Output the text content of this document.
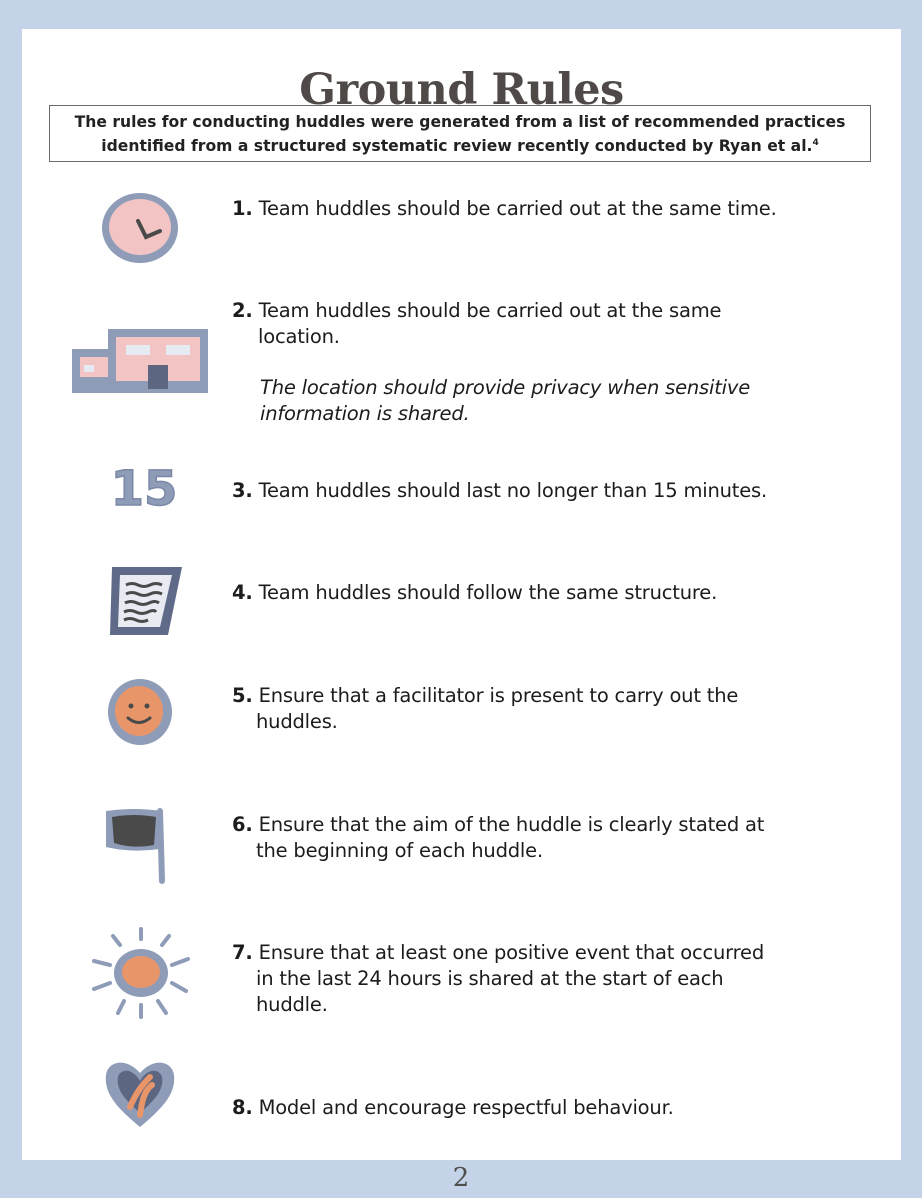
Ground Rules
The rules for conducting huddles were generated from a list of recommended practices identified from a structured systematic review recently conducted by Ryan et al.$^4$
1. Team huddles should be carried out at the same time.
2. Team huddles should be carried out at the same
location.
The location should provide privacy when sensitive
information is shared.
15	3. Team huddles should last no longer than 15 minutes.
4. Team huddles should follow the same structure.
5. Ensure that a facilitator is present to carry out the
huddles.
6. Ensure that the aim of the huddle is clearly stated at
the beginning of each huddle.
7. Ensure that at least one positive event that occurred
in the last 24 hours is shared at the start of each
huddle.
8. Model and encourage respectful behaviour.
2
